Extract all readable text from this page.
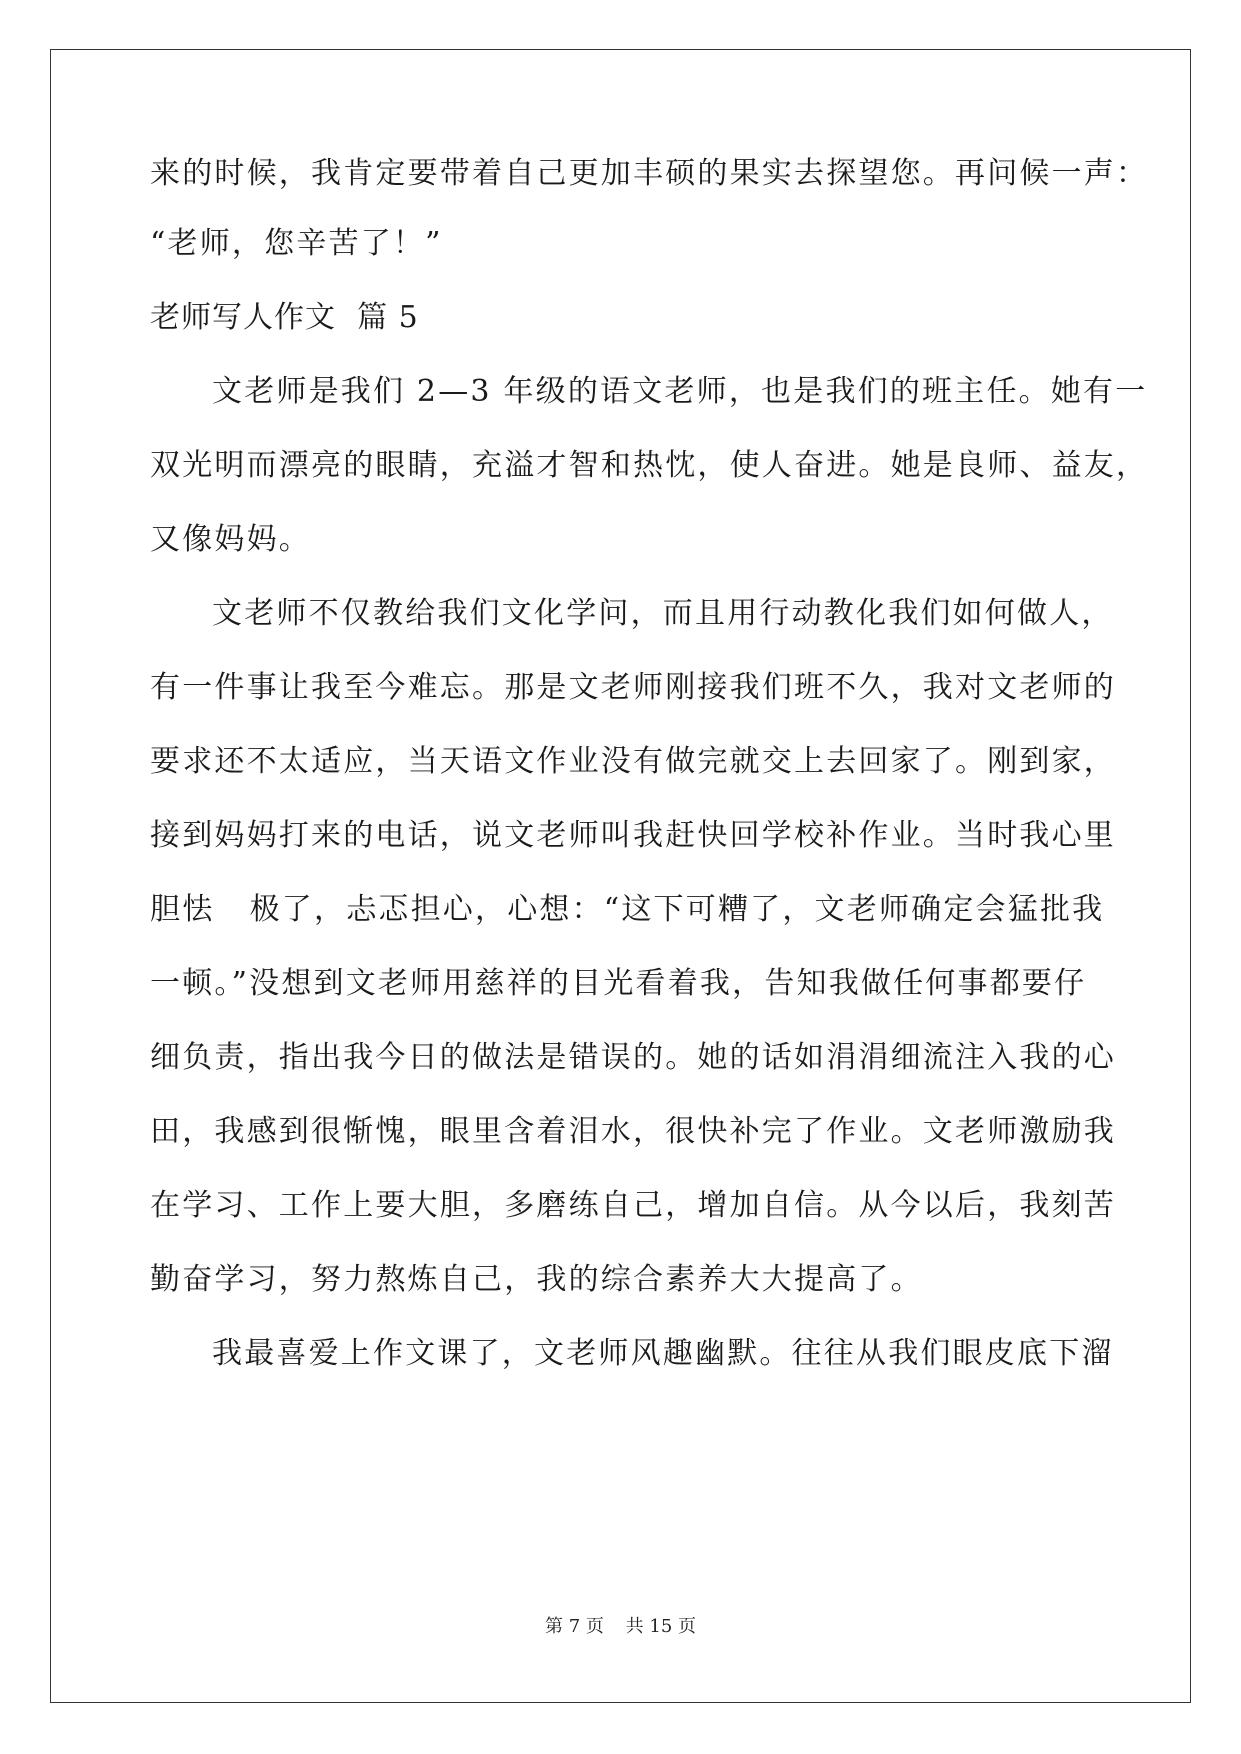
来的时候，我肯定要带着自己更加丰硕的果实去探望您。再问候一声：
“老师，您辛苦了！”
老师写人作文  篇 5
文老师是我们 2—3 年级的语文老师，也是我们的班主任。她有一
双光明而漂亮的眼睛，充溢才智和热忱，使人奋进。她是良师、益友，
又像妈妈。
文老师不仅教给我们文化学问，而且用行动教化我们如何做人，
有一件事让我至今难忘。那是文老师刚接我们班不久，我对文老师的
要求还不太适应，当天语文作业没有做完就交上去回家了。刚到家，
接到妈妈打来的电话，说文老师叫我赶快回学校补作业。当时我心里
胆怯   极了，忐忑担心，心想：“这下可糟了，文老师确定会猛批我
一顿。”没想到文老师用慈祥的目光看着我，告知我做任何事都要仔
细负责，指出我今日的做法是错误的。她的话如涓涓细流注入我的心
田，我感到很惭愧，眼里含着泪水，很快补完了作业。文老师激励我
在学习、工作上要大胆，多磨练自己，增加自信。从今以后，我刻苦
勤奋学习，努力熬炼自己，我的综合素养大大提高了。
我最喜爱上作文课了，文老师风趣幽默。往往从我们眼皮底下溜
第 7 页 共 15 页
